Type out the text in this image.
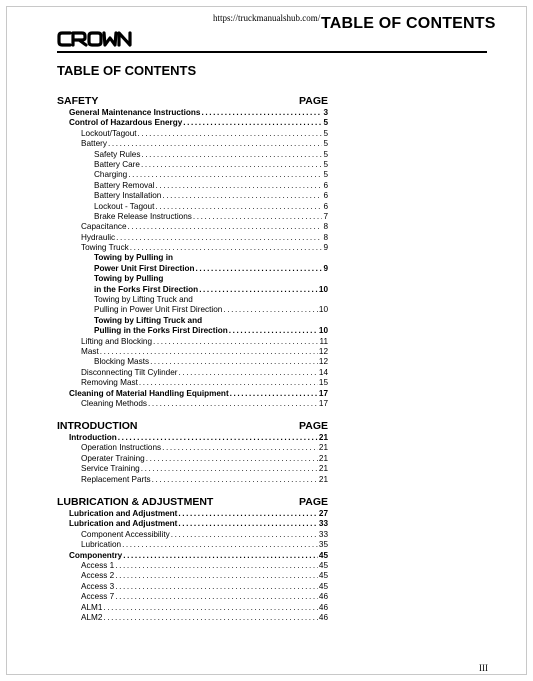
https://truckmanualshub.com/ TABLE OF CONTENTS
TABLE OF CONTENTS
SAFETY	PAGE
General Maintenance Instructions .....	3
Control of Hazardous Energy .....	5
Lockout/Tagout .....	5
Battery .....	5
Safety Rules .....	5
Battery Care .....	5
Charging .....	5
Battery Removal .....	6
Battery Installation .....	6
Lockout - Tagout .....	6
Brake Release Instructions .....	7
Capacitance .....	8
Hydraulic .....	8
Towing Truck .....	9
Towing by Pulling in
Power Unit First Direction .....	9
Towing by Pulling
in the Forks First Direction .....	10
Towing by Lifting Truck and
Pulling in Power Unit First Direction .....	10
Towing by Lifting Truck and
Pulling in the Forks First Direction .....	10
Lifting and Blocking .....	11
Mast .....	12
Blocking Masts .....	12
Disconnecting Tilt Cylinder .....	14
Removing Mast .....	15
Cleaning of Material Handling Equipment .....	17
Cleaning Methods .....	17
INTRODUCTION	PAGE
Introduction .....	21
Operation Instructions .....	21
Operater Training .....	21
Service Training .....	21
Replacement Parts .....	21
LUBRICATION & ADJUSTMENT	PAGE
Lubrication and Adjustment .....	27
Lubrication and Adjustment .....	33
Component Accessibility .....	33
Lubrication .....	35
Componentry .....	45
Access 1 .....	45
Access 2 .....	45
Access 3 .....	45
Access 7 .....	46
ALM1 .....	46
ALM2 .....	46
III
